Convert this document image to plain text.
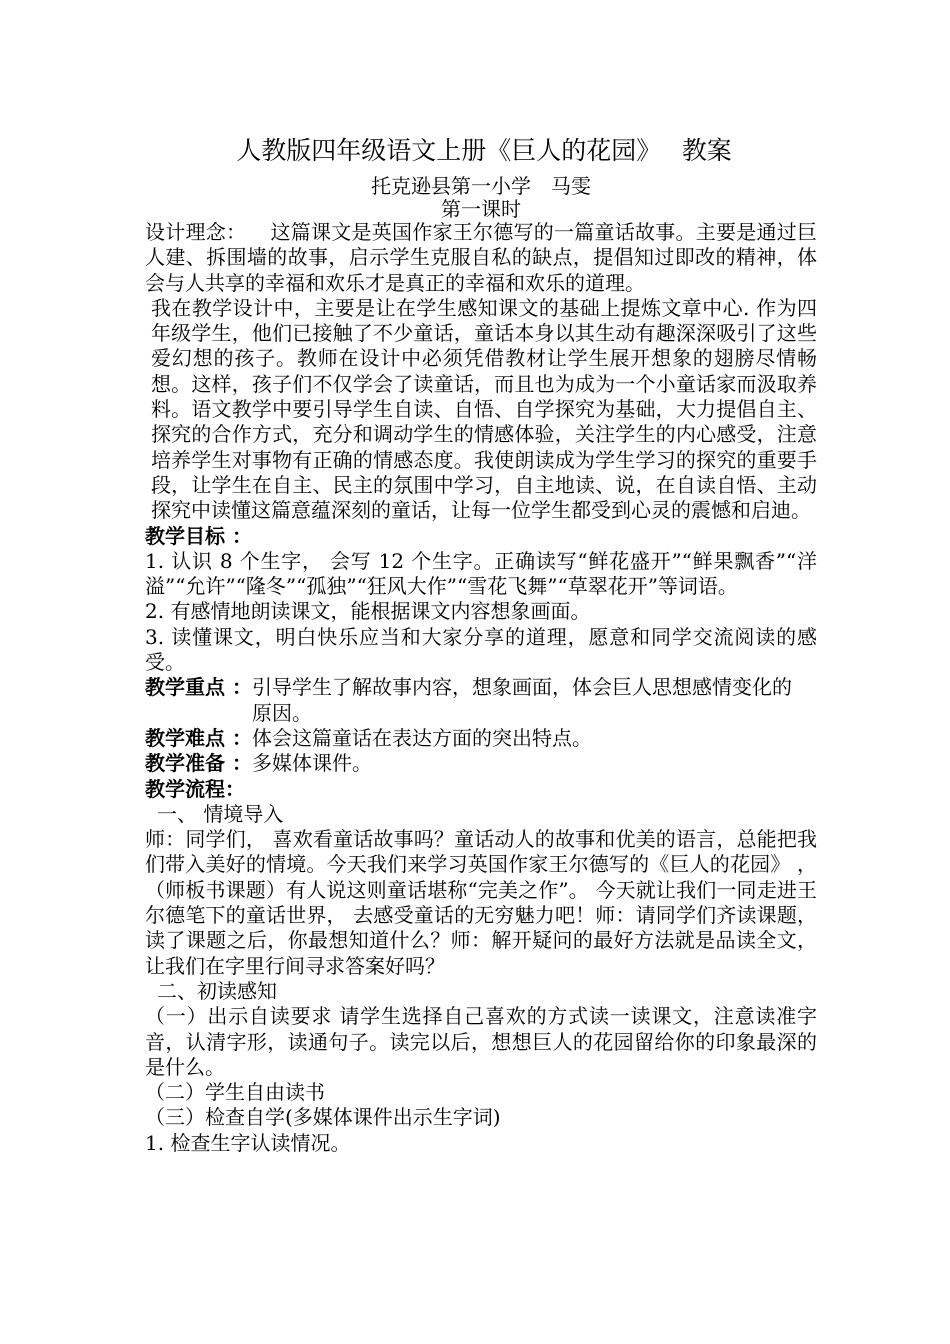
人教版四年级语文上册《巨人的花园》　 教案
托克逊县第一小学　马雯
第一课时
设计理念： 这篇课文是英国作家王尔德写的一篇童话故事。主要是通过巨人建、拆围墙的故事，启示学生克服自私的缺点，提倡知过即改的精神，体会与人共享的幸福和欢乐才是真正的幸福和欢乐的道理。
我在教学设计中，主要是让在学生感知课文的基础上提炼文章中心. 作为四年级学生，他们已接触了不少童话，童话本身以其生动有趣深深吸引了这些爱幻想的孩子。教师在设计中必须凭借教材让学生展开想象的翅膀尽情畅想。这样，孩子们不仅学会了读童话，而且也为成为一个小童话家而汲取养料。语文教学中要引导学生自读、自悟、自学探究为基础，大力提倡自主、探究的合作方式，充分和调动学生的情感体验，关注学生的内心感受，注意培养学生对事物有正确的情感态度。我使朗读成为学生学习的探究的重要手段，让学生在自主、民主的氛围中学习，自主地读、说，在自读自悟、主动探究中读懂这篇意蕴深刻的童话，让每一位学生都受到心灵的震憾和启迪。
教学目标 ：
1. 认识 8 个生字， 会写 12 个生字。正确读写“鲜花盛开”“鲜果飘香”“洋溢”“允许”“隆冬”“孤独”“狂风大作”“雪花飞舞”“草翠花开”等词语。
2. 有感情地朗读课文，能根据课文内容想象画面。
3. 读懂课文，明白快乐应当和大家分享的道理，愿意和同学交流阅读的感受。
教学重点 ： 引导学生了解故事内容，想象画面，体会巨人思想感情变化的原因。
教学难点 ：体会这篇童话在表达方面的突出特点。
教学准备 ：多媒体课件。
教学流程：
一、 情境导入
师：同学们， 喜欢看童话故事吗？童话动人的故事和优美的语言，总能把我们带入美好的情境。今天我们来学习英国作家王尔德写的《巨人的花园》 ，（师板书课题）有人说这则童话堪称“完美之作”。 今天就让我们一同走进王尔德笔下的童话世界， 去感受童话的无穷魅力吧！师：请同学们齐读课题， 读了课题之后，你最想知道什么？师：解开疑问的最好方法就是品读全文，让我们在字里行间寻求答案好吗？
二、初读感知
（一）出示自读要求 请学生选择自己喜欢的方式读一读课文，注意读准字音，认清字形，读通句子。读完以后，想想巨人的花园留给你的印象最深的是什么。
（二）学生自由读书
（三）检查自学(多媒体课件出示生字词)
1. 检查生字认读情况。
